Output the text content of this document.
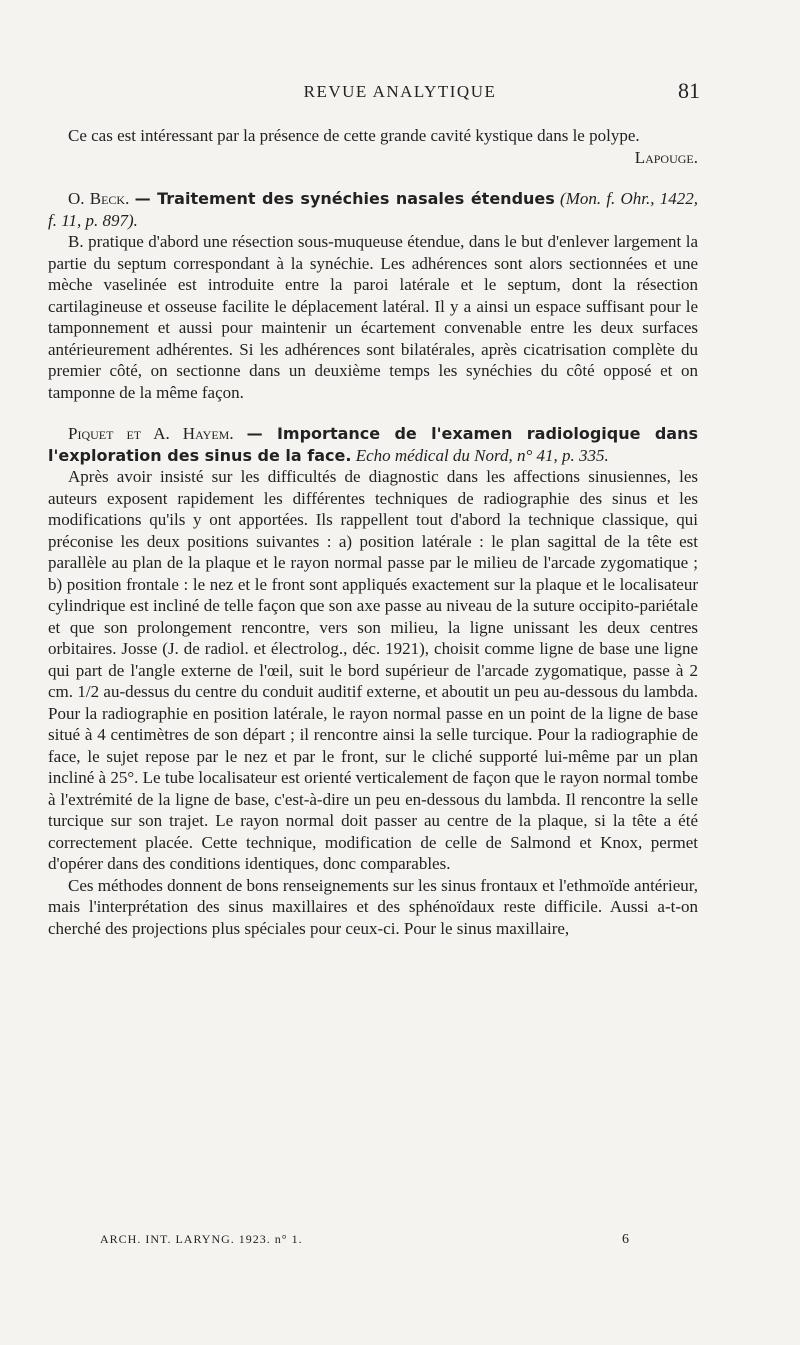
REVUE ANALYTIQUE	81

Ce cas est intéressant par la présence de cette grande cavité kystique dans le polype.

Lapouge.

O. Beck. — Traitement des synéchies nasales étendues (Mon. f. Ohr., 1422, f. 11, p. 897).

B. pratique d'abord une résection sous-muqueuse étendue, dans le but d'enlever largement la partie du septum correspondant à la synéchie. Les adhérences sont alors sectionnées et une mèche vaselinée est introduite entre la paroi latérale et le septum, dont la résection cartilagineuse et osseuse facilite le déplacement latéral. Il y a ainsi un espace suffisant pour le tamponnement et aussi pour maintenir un écartement convenable entre les deux surfaces antérieurement adhérentes. Si les adhérences sont bilatérales, après cicatrisation complète du premier côté, on sectionne dans un deuxième temps les synéchies du côté opposé et on tamponne de la même façon.

Piquet et A. Hayem. — Importance de l'examen radiologique dans l'exploration des sinus de la face. Echo médical du Nord, n° 41, p. 335.

Après avoir insisté sur les difficultés de diagnostic dans les affections sinusiennes, les auteurs exposent rapidement les différentes techniques de radiographie des sinus et les modifications qu'ils y ont apportées. Ils rappellent tout d'abord la technique classique, qui préconise les deux positions suivantes : a) position latérale : le plan sagittal de la tête est parallèle au plan de la plaque et le rayon normal passe par le milieu de l'arcade zygomatique ; b) position frontale : le nez et le front sont appliqués exactement sur la plaque et le localisateur cylindrique est incliné de telle façon que son axe passe au niveau de la suture occipito-pariétale et que son prolongement rencontre, vers son milieu, la ligne unissant les deux centres orbitaires. Josse (J. de radiol. et électrolog., déc. 1921), choisit comme ligne de base une ligne qui part de l'angle externe de l'œil, suit le bord supérieur de l'arcade zygomatique, passe à 2 cm. 1/2 au-dessus du centre du conduit auditif externe, et aboutit un peu au-dessous du lambda. Pour la radiographie en position latérale, le rayon normal passe en un point de la ligne de base situé à 4 centimètres de son départ ; il rencontre ainsi la selle turcique. Pour la radiographie de face, le sujet repose par le nez et par le front, sur le cliché supporté lui-même par un plan incliné à 25°. Le tube localisateur est orienté verticalement de façon que le rayon normal tombe à l'extrémité de la ligne de base, c'est-à-dire un peu en-dessous du lambda. Il rencontre la selle turcique sur son trajet. Le rayon normal doit passer au centre de la plaque, si la tête a été correctement placée. Cette technique, modification de celle de Salmond et Knox, permet d'opérer dans des conditions identiques, donc comparables.

Ces méthodes donnent de bons renseignements sur les sinus frontaux et l'ethmoïde antérieur, mais l'interprétation des sinus maxillaires et des sphénoïdaux reste difficile. Aussi a-t-on cherché des projections plus spéciales pour ceux-ci. Pour le sinus maxillaire,

ARCH. INT. LARYNG. 1923. n° 1.	6
